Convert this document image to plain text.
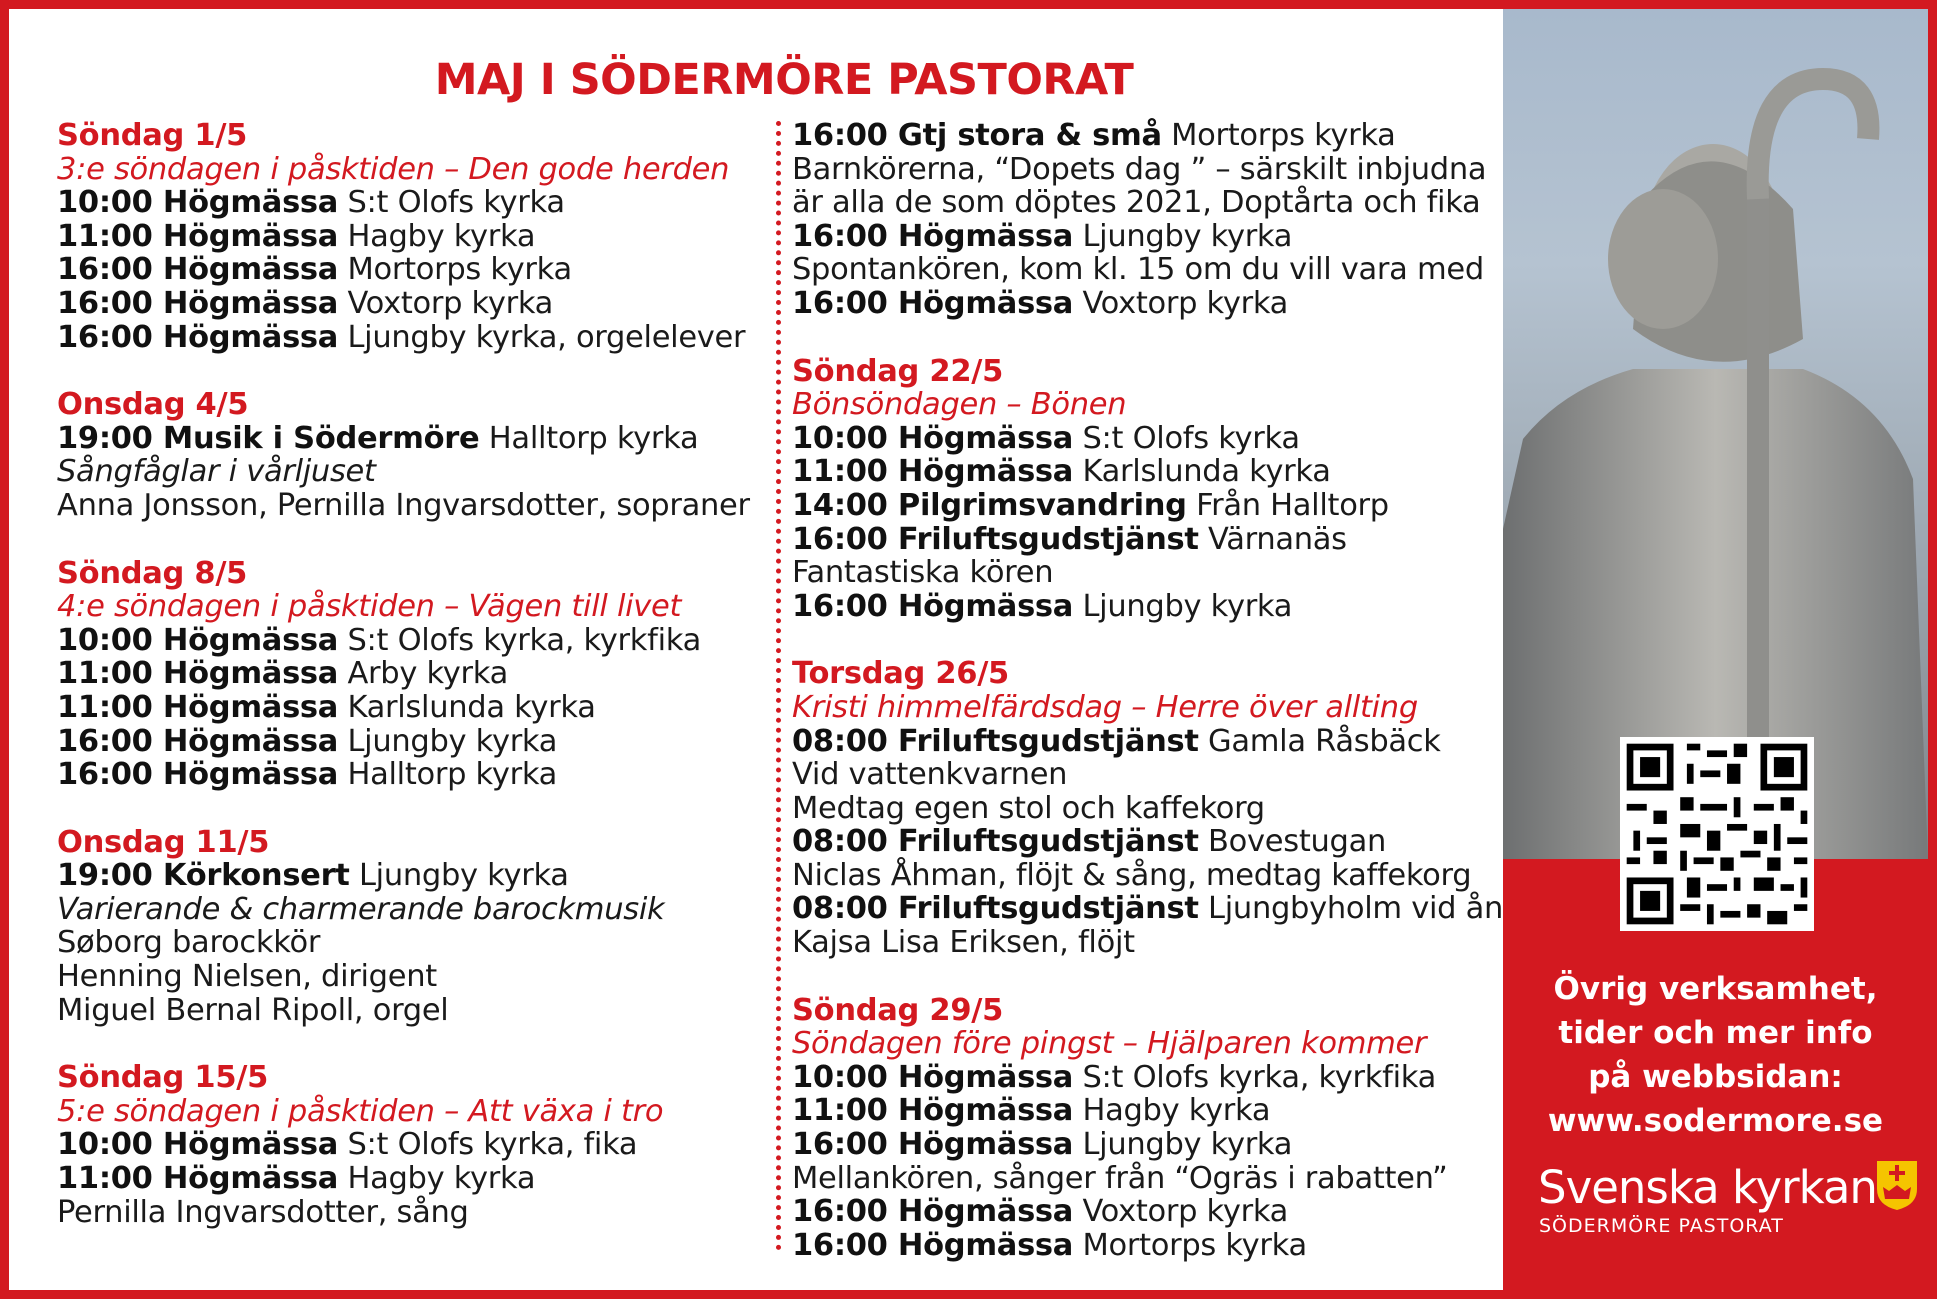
MAJ I SÖDERMÖRE PASTORAT
Söndag 1/5
3:e söndagen i påsktiden – Den gode herden
10:00 Högmässa S:t Olofs kyrka
11:00 Högmässa Hagby kyrka
16:00 Högmässa Mortorps kyrka
16:00 Högmässa Voxtorp kyrka
16:00 Högmässa Ljungby kyrka, orgelelever
Onsdag 4/5
19:00 Musik i Södermöre Halltorp kyrka
Sångfåglar i vårljuset
Anna Jonsson, Pernilla Ingvarsdotter, sopraner
Söndag 8/5
4:e söndagen i påsktiden – Vägen till livet
10:00 Högmässa S:t Olofs kyrka, kyrkfika
11:00 Högmässa Arby kyrka
11:00 Högmässa Karlslunda kyrka
16:00 Högmässa Ljungby kyrka
16:00 Högmässa Halltorp kyrka
Onsdag 11/5
19:00 Körkonsert Ljungby kyrka
Varierande & charmerande barockmusik
Søborg barockkör
Henning Nielsen, dirigent
Miguel Bernal Ripoll, orgel
Söndag 15/5
5:e söndagen i påsktiden – Att växa i tro
10:00 Högmässa S:t Olofs kyrka, fika
11:00 Högmässa Hagby kyrka
Pernilla Ingvarsdotter, sång
16:00 Gtj stora & små Mortorps kyrka
Barnkörerna, “Dopets dag ” – särskilt inbjudna
är alla de som döptes 2021, Doptårta och fika
16:00 Högmässa Ljungby kyrka
Spontankören, kom kl. 15 om du vill vara med
16:00 Högmässa Voxtorp kyrka
Söndag 22/5
Bönsöndagen – Bönen
10:00 Högmässa S:t Olofs kyrka
11:00 Högmässa Karlslunda kyrka
14:00 Pilgrimsvandring Från Halltorp
16:00 Friluftsgudstjänst Värnanäs
Fantastiska kören
16:00 Högmässa Ljungby kyrka
Torsdag 26/5
Kristi himmelfärdsdag – Herre över allting
08:00 Friluftsgudstjänst Gamla Råsbäck
Vid vattenkvarnen
Medtag egen stol och kaffekorg
08:00 Friluftsgudstjänst Bovestugan
Niclas Åhman, flöjt & sång, medtag kaffekorg
08:00 Friluftsgudstjänst Ljungbyholm vid ån
Kajsa Lisa Eriksen, flöjt
Söndag 29/5
Söndagen före pingst – Hjälparen kommer
10:00 Högmässa S:t Olofs kyrka, kyrkfika
11:00 Högmässa Hagby kyrka
16:00 Högmässa Ljungby kyrka
Mellankören, sånger från “Ogräs i rabatten”
16:00 Högmässa Voxtorp kyrka
16:00 Högmässa Mortorps kyrka
Övrig verksamhet,
tider och mer info
på webbsidan:
www.sodermore.se
Svenska kyrkan
SÖDERMÖRE PASTORAT
